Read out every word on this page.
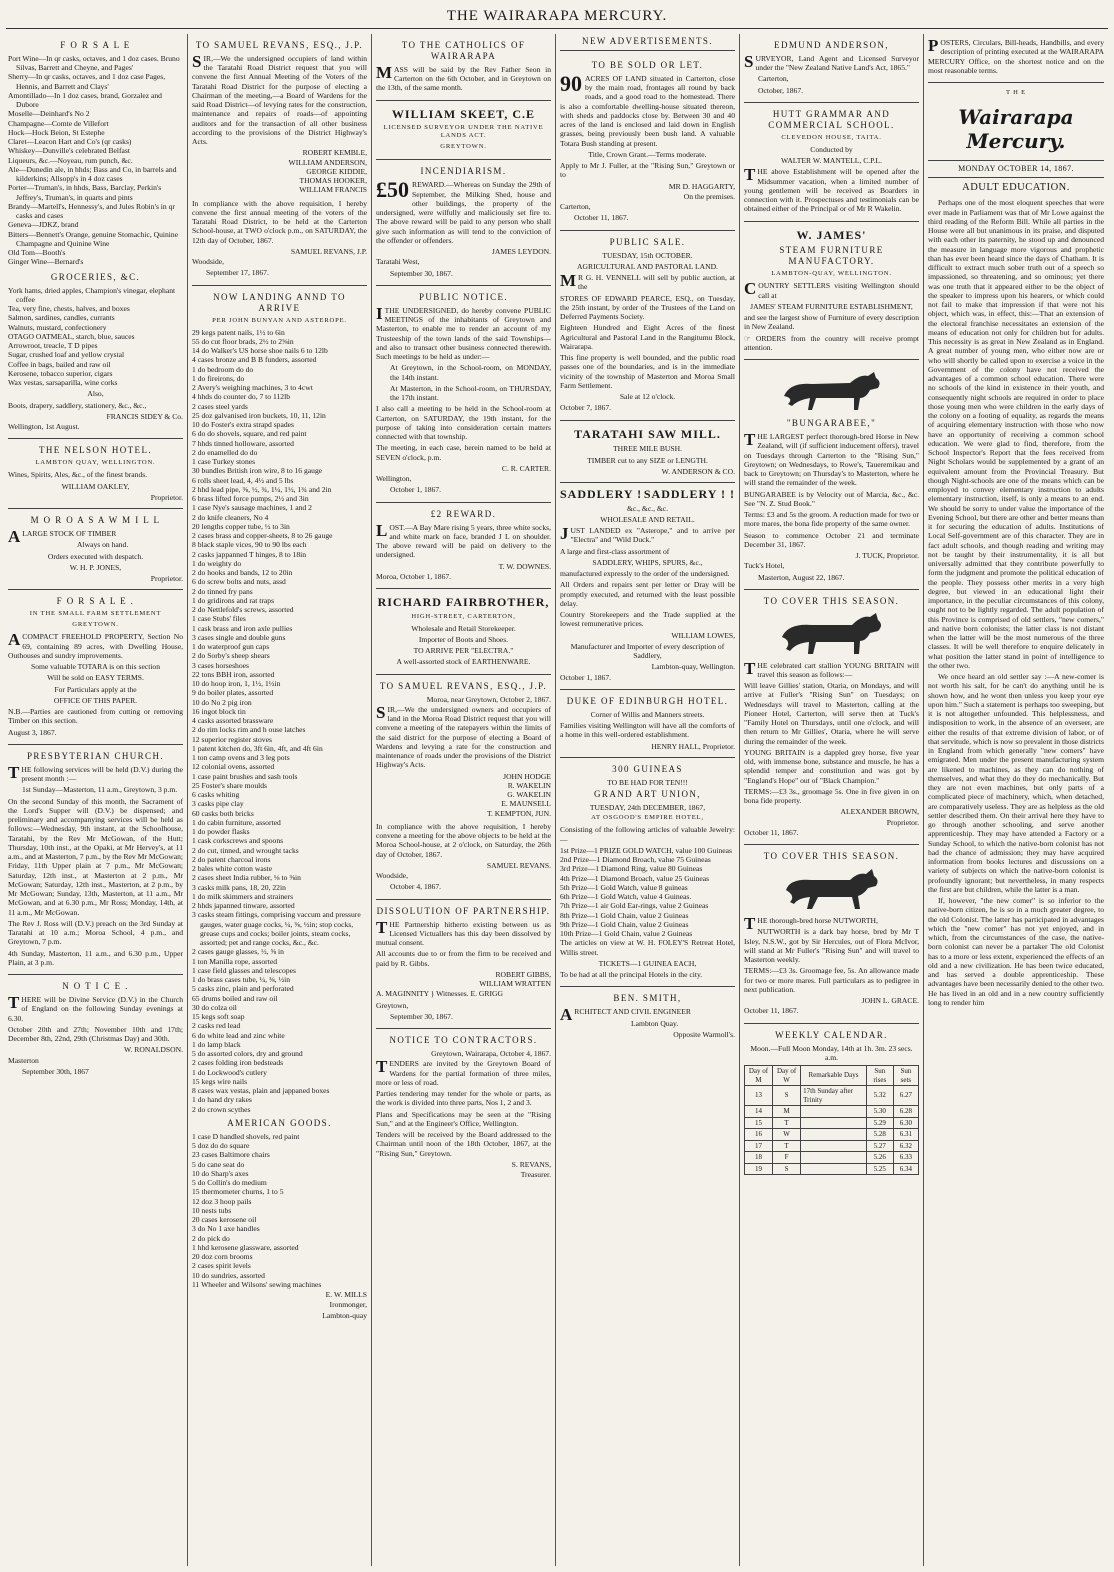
THE WAIRARAPA MERCURY.
F O R S A L E
Port Wine—In qr casks, octaves, and 1 doz cases. Bruno Silvas, Barrett and Cheyne, and Pages'
Sherry—In qr casks, octaves, and 1 doz case Pages, Hennis, and Barrett and Clays'
Amontillado—In 1 doz cases, brand, Gorzalez and Dubore
Moselle—Deinhard's No 2
Champagne—Comte de Villefort
Hock—Hock Beion, St Estephe
Claret—Leacon Hart and Co's (qr casks)
Whiskey—Dunville's celebrated Belfast
Liqueurs, &c.—Noyeau, rum punch, &c.
Ale—Dunedin ale, in hhds; Bass and Co, in barrels and kilderkins; Allsopp's in 4 doz cases
Porter—Truman's, in hhds, Bass, Barclay, Perkin's Jeffrey's, Truman's, in quarts and pints
Brandy—Martell's, Hennessy's, and Jules Robin's in qr casks and cases
Geneva—JDKZ, brand
Bitters—Bennett's Orange, genuine Stomachic, Quinine Champagne and Quinine Wine
Old Tom—Booth's
Ginger Wine—Bernard's
GROCERIES, &C.
York hams, dried apples, Champion's vinegar, elephant coffee
Tea, very fine, chests, halves, and boxes
Salmon, sardines, candles, currants
Walnuts, mustard, confectionery
OTAGO OATMEAL, starch, blue, sauces
Arrowroot, treacle, T D pipes
Sugar, crushed loaf and yellow crystal
Coffee in bags, bailed and raw oil
Kerosene, tobacco superior, cigars
Wax vestas, sarsaparilla, wine corks
Also,
Boots, drapery, saddlery, stationery, &c., &c.,
FRANCIS SIDEY & Co.
Wellington, 1st August.
THE NELSON HOTEL.
LAMBTON QUAY, WELLINGTON.
Wines, Spirits, Ales, &c., of the finest brands.
WILLIAM OAKLEY,
Proprietor.
M O R O A S A W M I L L
ALARGE STOCK OF TIMBER
Always on hand.
Orders executed with despatch.
W. H. P. JONES,
Proprietor.
F O R S A L E .
IN THE SMALL FARM SETTLEMENT
GREYTOWN.
ACOMPACT FREEHOLD PROPERTY, Section No 69, containing 89 acres, with Dwelling House, Outhouses and sundry improvements.
Some valuable TOTARA is on this section
Will be sold on EASY TERMS.
For Particulars apply at the
OFFICE OF THIS PAPER.
N.B.—Parties are cautioned from cutting or removing Timber on this section.
August 3, 1867.
PRESBYTERIAN CHURCH.
THE following services will be held (D.V.) during the present month :—
1st Sunday—Masterton, 11 a.m., Greytown, 3 p.m.
On the second Sunday of this month, the Sacrament of the Lord's Supper will (D.V.) be dispensed; and preliminary and accompanying services will be held as follows:—Wednesday, 9th instant, at the Schoolhouse, Taratahi, by the Rev Mr McGowan, of the Hutt; Thursday, 10th inst., at the Opaki, at Mr Hervey's, at 11 a.m., and at Masterton, 7 p.m., by the Rev Mr McGowan; Friday, 11th Upper plain at 7 p.m., Mr McGowan; Saturday, 12th inst., at Masterton at 2 p.m., Mr McGowan; Saturday, 12th inst., Masterton, at 2 p.m., by Mr McGowan; Sunday, 13th, Masterton, at 11 a.m., Mr McGowan, and at 6.30 p.m., Mr Ross; Monday, 14th, at 11 a.m., Mr McGowan.
The Rev J. Ross will (D.V.) preach on the 3rd Sunday at Taratahi at 10 a.m.; Moroa School, 4 p.m., and Greytown, 7 p.m.
4th Sunday, Masterton, 11 a.m., and 6.30 p.m., Upper Plain, at 3 p.m.
N O T I C E .
THERE will be Divine Service (D.V.) in the Church of England on the following Sunday evenings at 6.30.
October 20th and 27th; November 10th and 17th; December 8th, 22nd, 29th (Christmas Day) and 30th.
W. RONALDSON.
Masterton
September 30th, 1867
TO SAMUEL REVANS, ESQ., J.P.
SIR,—We the undersigned occupiers of land within the Taratahi Road District request that you will convene the first Annual Meeting of the Voters of the Taratahi Road District for the purpose of electing a Chairman of the meeting,—a Board of Wardens for the said Road District—of levying rates for the construction, maintenance and repairs of roads—of appointing auditors and for the transaction of all other business according to the provisions of the District Highway's Acts.
ROBERT KEMBLE,
WILLIAM ANDERSON,
GEORGE KIDDIE,
THOMAS HOOKER,
WILLIAM FRANCIS
In compliance with the above requisition, I hereby convene the first annual meeting of the voters of the Taratahi Road District, to be held at the Carterton School-house, at TWO o'clock p.m., on SATURDAY, the 12th day of October, 1867.
SAMUEL REVANS, J.P.
Woodside,
September 17, 1867.
NOW LANDING ANND TO ARRIVE
PER JOHN BUNYAN AND ASTEROPE.
29 kegs patent nails, 1½ to 6in
55 do cut floor brads, 2½ to 2⅝in
14 do Walker's US horse shoe nails 6 to 12lb
4 cases bronze and B B funders, assorted
1 do bedroom do do
1 do fireirons, do
2 Avery's weighing machines, 3 to 4cwt
4 hhds do counter do, 7 to 112lb
2 cases steel yards
25 doz galvanised iron buckets, 10, 11, 12in
10 do Foster's extra strapd spades
6 do do shovels, square, and red paint
7 hhds tinned holloware, assorted
2 do enamelled do do
1 case Turkey stones
30 bundles British iron wire, 8 to 16 gauge
6 rolls sheet lead, 4, 4½ and 5 lbs
2 hhd lead pipe, ⅜, ½, ¾, 1¼, 1½, 1¾ and 2in
6 brass lifted force pumps, 2½ and 3in
1 case Nye's sausage machines, 1 and 2
2 do knife cleaners, No 4
20 lengths copper tube, ½ to 3in
2 cases brass and copper-sheets, 8 to 26 gauge
8 black staple vices, 90 to 90 lbs each
2 casks jappanned T hinges, 8 to 18in
1 do weighty do
2 do hooks and bands, 12 to 20in
6 do screw bolts and nuts, assd
2 do tinned fry pans
1 do gridirons and rat traps
2 do Nettlefold's screws, assorted
1 case Stubs' files
1 cask brass and iron axle pullies
3 cases single and double guns
1 do waterproof gun caps
2 do Sorby's sheep shears
3 cases horseshoes
22 tons BBH iron, assorted
10 do hoop iron, 1, 1½, 1½in
9 do boiler plates, assorted
10 do No 2 pig iron
16 ingot block tin
4 casks assorted brassware
2 do rim locks rim and h ouse latches
12 superior register stoves
1 patent kitchen do, 3ft 6in, 4ft, and 4ft 6in
1 ton camp ovens and 3 leg pots
12 colonial ovens, assorted
1 case paint brushes and sash tools
25 Foster's share moulds
6 casks whiting
3 casks pipe clay
60 casks both bricks
1 do cabin furniture, assorted
1 do powder flasks
1 cask corkscrews and spoons
2 do cut, tinned, and wrought tacks
2 do patent charcoal irons
2 bales white cotton waste
2 cases sheet India rubber, ⅛ to ⅜in
3 casks milk pans, 18, 20, 22in
1 do milk skimmers and strainers
2 hhds japanned tinware, assorted
3 casks steam fittings, comprising vaccum and pressure gauges, water guage cocks, ¼, ⅜, ½in; stop cocks, grease cups and cocks; boiler joints, steam cocks, assorted; pet and range cocks, &c., &c.
2 cases gauge glasses, ½, ⅝ in
1 ton Manilla rope, assorted
1 case field glasses and telescopes
1 do brass cases tube, ¼, ⅜, ½in
5 casks zinc, plain and perforated
65 drums boiled and raw oil
30 do colza oil
15 kegs soft soap
2 casks red lead
6 do white lead and zinc white
1 do lamp black
5 do assorted colors, dry and ground
2 cases folding iron bedsteads
1 do Lockwood's cutlery
15 kegs wire nails
8 cases wax vestas, plain and jappaned boxes
1 do hand dry rakes
2 do crown scythes
AMERICAN GOODS.
1 case D handled shovels, red paint
5 doz do do square
23 cases Baltimore chairs
5 do cane seat do
10 do Sharp's axes
5 do Collin's do medium
15 thermometer churns, 1 to 5
12 doz 3 hoop pails
10 nests tubs
20 cases kerosene oil
3 do No 1 axe handles
2 do pick do
1 hhd kerosene glassware, assorted
20 doz corn brooms
2 cases spirit levels
10 do sundries, assorted
11 Wheeler and Wilsons' sewing machines
E. W. MILLS
Ironmonger,
Lambton-quay
TO THE CATHOLICS OF WAIRARAPA
MASS will be said by the Rev Father Seon in Carterton on the 6th October, and in Greytown on the 13th, of the same month.
WILLIAM SKEET, C.E
LICENSED SURVEYOR UNDER THE NATIVE LANDS ACT.
GREYTOWN.
INCENDIARISM.
£50 REWARD.—Whereas on Sunday the 29th of September, the Milking Shed, house and other buildings, the property of the undersigned, were wilfully and maliciously set fire to. The above reward will be paid to any person who shall give such information as will tend to the conviction of the offender or offenders.
JAMES LEYDON.
Taratahi West,
September 30, 1867.
PUBLIC NOTICE.
ITHE UNDERSIGNED, do hereby convene PUBLIC MEETINGS of the inhabitants of Greytown and Masterton, to enable me to render an account of my Trusteeship of the town lands of the said Townships—and also to transact other business connected therewith. Such meetings to be held as under:—
At Greytown, in the School-room, on MONDAY, the 14th instant.
At Masterton, in the School-room, on THURSDAY, the 17th instant.
I also call a meeting to be held in the School-room at Carterton, on SATURDAY, the 19th instant, for the purpose of taking into consideration certain matters connected with that township.
The meeting, in each case, herein named to be held at SEVEN o'clock, p.m.
C. R. CARTER.
Wellington,
October 1, 1867.
£2 REWARD.
LOST.—A Bay Mare rising 5 years, three white socks, and white mark on face, branded J L on shoulder. The above reward will be paid on delivery to the undersigned.
T. W. DOWNES.
Moroa, October 1, 1867.
RICHARD FAIRBROTHER,
HIGH-STREET, CARTERTON,
Wholesale and Retail Storekeeper.
Importer of Boots and Shoes.
TO ARRIVE PER "ELECTRA."
A well-assorted stock of EARTHENWARE.
TO SAMUEL REVANS, ESQ., J.P.
Moroa, near Greytown, October 2, 1867.
SIR,—We the undersigned owners and occupiers of land in the Moroa Road District request that you will convene a meeting of the ratepayers within the limits of the said district for the purpose of electing a Board of Wardens and levying a rate for the construction and maintenance of roads under the provisions of the District Highway's Acts.
JOHN HODGE
R. WAKELIN
G. WAKELIN
E. MAUNSELL
T. KEMPTON, JUN.
In compliance with the above requisition, I hereby convene a meeting for the above objects to be held at the Moroa School-house, at 2 o'clock, on Saturday, the 26th day of October, 1867.
SAMUEL REVANS.
Woodside,
October 4, 1867.
DISSOLUTION OF PARTNERSHIP.
THE Partnership hitherto existing between us as Licensed Victuallers has this day been dissolved by mutual consent.
All accounts due to or from the firm to be received and paid by R. Gibbs.
ROBERT GIBBS,
WILLIAM WRATTEN
A. MAGINNITY } Witnesses. E. GRIGG
Greytown,
September 30, 1867.
NOTICE TO CONTRACTORS.
Greytown, Wairarapa, October 4, 1867.
TENDERS are invited by the Greytown Board of Wardens for the partial formation of three miles, more or less of road.
Parties tendering may tender for the whole or parts, as the work is divided into three parts, Nos 1, 2 and 3.
Plans and Specifications may be seen at the "Rising Sun," and at the Engineer's Office, Wellington.
Tenders will be received by the Board addressed to the Chairman until noon of the 18th October, 1867, at the "Rising Sun," Greytown.
S. REVANS,
Treasurer.
NEW ADVERTISEMENTS.
TO BE SOLD OR LET.
90 ACRES OF LAND situated in Carterton, close by the main road, frontages all round by back roads, and a good road to the homestead. There is also a comfortable dwelling-house situated thereon, with sheds and paddocks close by. Between 30 and 40 acres of the land is enclosed and laid down in English grasses, being previously been bush land. A valuable Totara Bush standing at present.
Title, Crown Grant.—Terms moderate.
Apply to Mr J. Fuller, at the "Rising Sun," Greytown or to
MR D. HAGGARTY,
On the premises.
Carterton,
October 11, 1867.
PUBLIC SALE.
TUESDAY, 15th OCTOBER.
AGRICULTURAL AND PASTORAL LAND.
MR G. H. VENNELL will sell by public auction, at the
STORES OF EDWARD PEARCE, ESQ., on Tuesday, the 25th instant, by order of the Trustees of the Land on Deferred Payments Society.
Eighteen Hundred and Eight Acres of the finest Agricultural and Pastoral Land in the Rangitumu Block, Wairarapa.
This fine property is well bounded, and the public road passes one of the boundaries, and is in the immediate vicinity of the township of Masterton and Moroa Small Farm Settlement.
Sale at 12 o'clock.
October 7, 1867.
TARATAHI SAW MILL.
THREE MILE BUSH.
TIMBER cut to any SIZE or LENGTH.
W. ANDERSON & CO.
SADDLERY ! SADDLERY ! !
&c., &c., &c.
WHOLESALE AND RETAIL.
JUST LANDED ex "Asterope," and to arrive per "Electra" and "Wild Duck."
A large and first-class assortment of
SADDLERY, WHIPS, SPURS, &c.,
manufactured expressly to the order of the undersigned.
All Orders and repairs sent per letter or Dray will be promptly executed, and returned with the least possible delay.
Country Storekeepers and the Trade supplied at the lowest remunerative prices.
WILLIAM LOWES,
Manufacturer and Importer of every description of Saddlery,
Lambton-quay, Wellington.
October 1, 1867.
DUKE OF EDINBURGH HOTEL.
Corner of Willis and Manners streets.
Families visiting Wellington will have all the comforts of a home in this well-ordered establishment.
HENRY HALL, Proprietor.
300 GUINEAS
TO BE HAD FOR TEN!!!
GRAND ART UNION,
TUESDAY, 24th DECEMBER, 1867,
AT OSGOOD'S EMPIRE HOTEL,
Consisting of the following articles of valuable Jewelry:—
1st Prize—1 PRIZE GOLD WATCH, value 100 Guineas
2nd Prize—1 Diamond Broach, value 75 Guineas
3rd Prize—1 Diamond Ring, value 80 Guineas
4th Prize—1 Diamond Broach, value 25 Guineas
5th Prize—1 Gold Watch, value 8 guineas
6th Prize—1 Gold Watch, value 4 Guineas.
7th Prize—1 air Gold Ear-rings, value 2 Guineas
8th Prize—1 Gold Chain, value 2 Guineas
9th Prize—1 Gold Chain, value 2 Guineas
10th Prize—1 Gold Chain, value 2 Guineas
The articles on view at W. H. FOLEY'S Retreat Hotel, Willis street.
TICKETS—1 GUINEA EACH,
To be had at all the principal Hotels in the city.
BEN. SMITH,
ARCHITECT AND CIVIL ENGINEER
Lambton Quay.
Opposite Warmoll's.
EDMUND ANDERSON,
SURVEYOR, Land Agent and Licensed Surveyor under the "New Zealand Native Land's Act, 1865."
Carterton,
October, 1867.
HUTT GRAMMAR AND COMMERCIAL SCHOOL.
CLEVEDON HOUSE, TAITA.
Conducted by
WALTER W. MANTELL, C.P.L.
THE above Establishment will be opened after the Midsummer vacation, when a limited number of young gentlemen will be received as Boarders in connection with it. Prospectuses and testimonials can be obtained either of the Principal or of Mr R Wakelin.
W. JAMES'
STEAM FURNITURE MANUFACTORY.
LAMBTON-QUAY, WELLINGTON.
COUNTRY SETTLERS visiting Wellington should call at
JAMES' STEAM FURNITURE ESTABLISHMENT,
and see the largest show of Furniture of every description in New Zealand.
☞ ORDERS from the country will receive prompt attention.
"BUNGARABEE,"
THE LARGEST perfect thorough-bred Horse in New Zealand, will (if sufficient inducement offers), travel on Tuesdays through Carterton to the "Rising Sun," Greytown; on Wednesdays, to Rowe's, Taueremikau and back to Greytown; on Thursday's to Masterton, where he will stand the remainder of the week.
BUNGARABEE is by Velocity out of Marcia, &c., &c. See "N. Z. Stud Book."
Terms: £3 and 5s the groom. A reduction made for two or more mares, the bona fide property of the same owner.
Season to commence October 21 and terminate December 31, 1867.
J. TUCK, Proprietor.
Tuck's Hotel,
Masterton, August 22, 1867.
TO COVER THIS SEASON.
THE celebrated cart stallion YOUNG BRITAIN will travel this season as follows:—
Will leave Gillies' station, Otaria, on Mondays, and will arrive at Fuller's "Rising Sun" on Tuesdays; on Wednesdays will travel to Masterton, calling at the Pioneer Hotel, Carterton, will serve then at Tuck's "Family Hotel on Thursdays, until one o'clock, and will then return to Mr Gillies', Otaria, where he will serve during the remainder of the week.
YOUNG BRITAIN is a dappled grey horse, five year old, with immense bone, substance and muscle, he has a splendid temper and constitution and was got by "England's Hope" out of "Black Champion."
TERMS:—£3 3s., groomage 5s. One in five given in on bona fide property.
ALEXANDER BROWN,
Proprietor.
October 11, 1867.
TO COVER THIS SEASON.
THE thorough-bred horse NUTWORTH,
NUTWORTH is a dark bay horse, bred by Mr T Isley, N.S.W., got by Sir Hercules, out of Flora McIvor, will stand at Mr Fuller's "Rising Sun" and will travel to Masterton weekly.
TERMS:—£3 3s. Groomage fee, 5s. An allowance made for two or more mares. Full particulars as to pedigree in next publication.
JOHN L. GRACE.
October 11, 1867.
WEEKLY CALENDAR.
Moon.—Full Moon Monday, 14th at 1h. 3m. 23 secs. a.m.
Day of M	Day of W	Remarkable Days	Sun rises	Sun sets
13	S	17th Sunday after Trinity	5.32	6.27
14	M		5.30	6.28
15	T		5.29	6.30
16	W		5.28	6.31
17	T		5.27	6.32
18	F		5.26	6.33
19	S		5.25	6.34
POSTERS, Circulars, Bill-heads, Handbills, and every description of printing executed at the WAIRARAPA MERCURY Office, on the shortest notice and on the most reasonable terms.
T H E
Wairarapa Mercury.
MONDAY OCTOBER 14, 1867.
ADULT EDUCATION.
Perhaps one of the most eloquent speeches that were ever made in Parliament was that of Mr Lowe against the third reading of the Reform Bill. While all parties in the House were all but unanimous in its praise, and disputed with each other its paternity, he stood up and denounced the measure in language more vigorous and prophetic than has ever been heard since the days of Chatham. It is difficult to extract much sober truth out of a speech so impassioned, so threatening, and so ominous; yet there was one truth that it appeared either to be the object of the speaker to impress upon his hearers, or which could not fail to make that impression if that were not his object, which was, in effect, this:—That an extension of the electoral franchise necessitates an extension of the means of education not only for children but for adults. This necessity is as great in New Zealand as in England. A great number of young men, who either now are or who will shortly be called upon to exercise a voice in the Government of the colony have not received the advantages of a common school education. There were no schools of the kind in existence in their youth, and consequently night schools are required in order to place those young men who were children in the early days of the colony on a footing of equality, as regards the means of acquiring elementary instruction with those who now have an opportunity of receiving a common school education. We were glad to find, therefore, from the School Inspector's Report that the fees received from Night Scholars would be supplemented by a grant of an equivalent amount from the Provincial Treasury. But though Night-schools are one of the means which can be employed to convey elementary instruction to adults elementary instruction, itself, is only a means to an end. We should be sorry to under value the importance of the Evening School, but there are other and better means than it for securing the education of adults. Institutions of Local Self-government are of this character. They are in fact adult schools, and though reading and writing may not be taught by their instrumentality, it is all but universally admitted that they contribute powerfully to form the judgment and promote the political education of the people. They possess other merits in a very high degree, but viewed in an educational light their importance, in the peculiar circumstances of this colony, ought not to be lightly regarded. The adult population of this Province is comprised of old settlers, "new comers," and native born colonists; the latter class is not distant when the latter will be the most numerous of the three classes. It will be well therefore to enquire delicately in what position the latter stand in point of intelligence to the other two.
We once heard an old settler say :—A new-comer is not worth his salt, for he can't do anything until he is shown how, and he wont then unless you keep your eye upon him." Such a statement is perhaps too sweeping, but it is not altogether unfounded. This helplessness, and indisposition to work, in the absence of an overseer, are either the results of that extreme division of labor, or of that servitude, which is now so prevalent in those districts in England from which generally "new comers" have emigrated. Men under the present manufacturing system are likened to machines, as they can do nothing of themselves, and what they do they do mechanically. But they are not even machines, but only parts of a complicated piece of machinery, which, when detached, are comparatively useless. They are as helpless as the old settler described them. On their arrival here they have to go through another schooling, and serve another apprenticeship. They may have attended a Factory or a Sunday School, to which the native-born colonist has not had the chance of admission; they may have acquired information from books lectures and discussions on a variety of subjects on which the native-born colonist is profoundly ignorant; but nevertheless, in many respects the first are but children, while the latter is a man.
If, however, "the new comer" is so inferior to the native-born citizen, he is so in a much greater degree, to the old Colonist. The latter has participated in advantages which the "new comer" has not yet enjoyed, and in which, from the circumstances of the case, the native-born colonist can never be a partaker The old Colonist has to a more or less extent, experienced the effects of an old and a new civilization. He has been twice educated, and has served a double apprenticeship. These advantages have been necessarily denied to the other two. He has lived in an old and in a new country sufficiently long to render him
